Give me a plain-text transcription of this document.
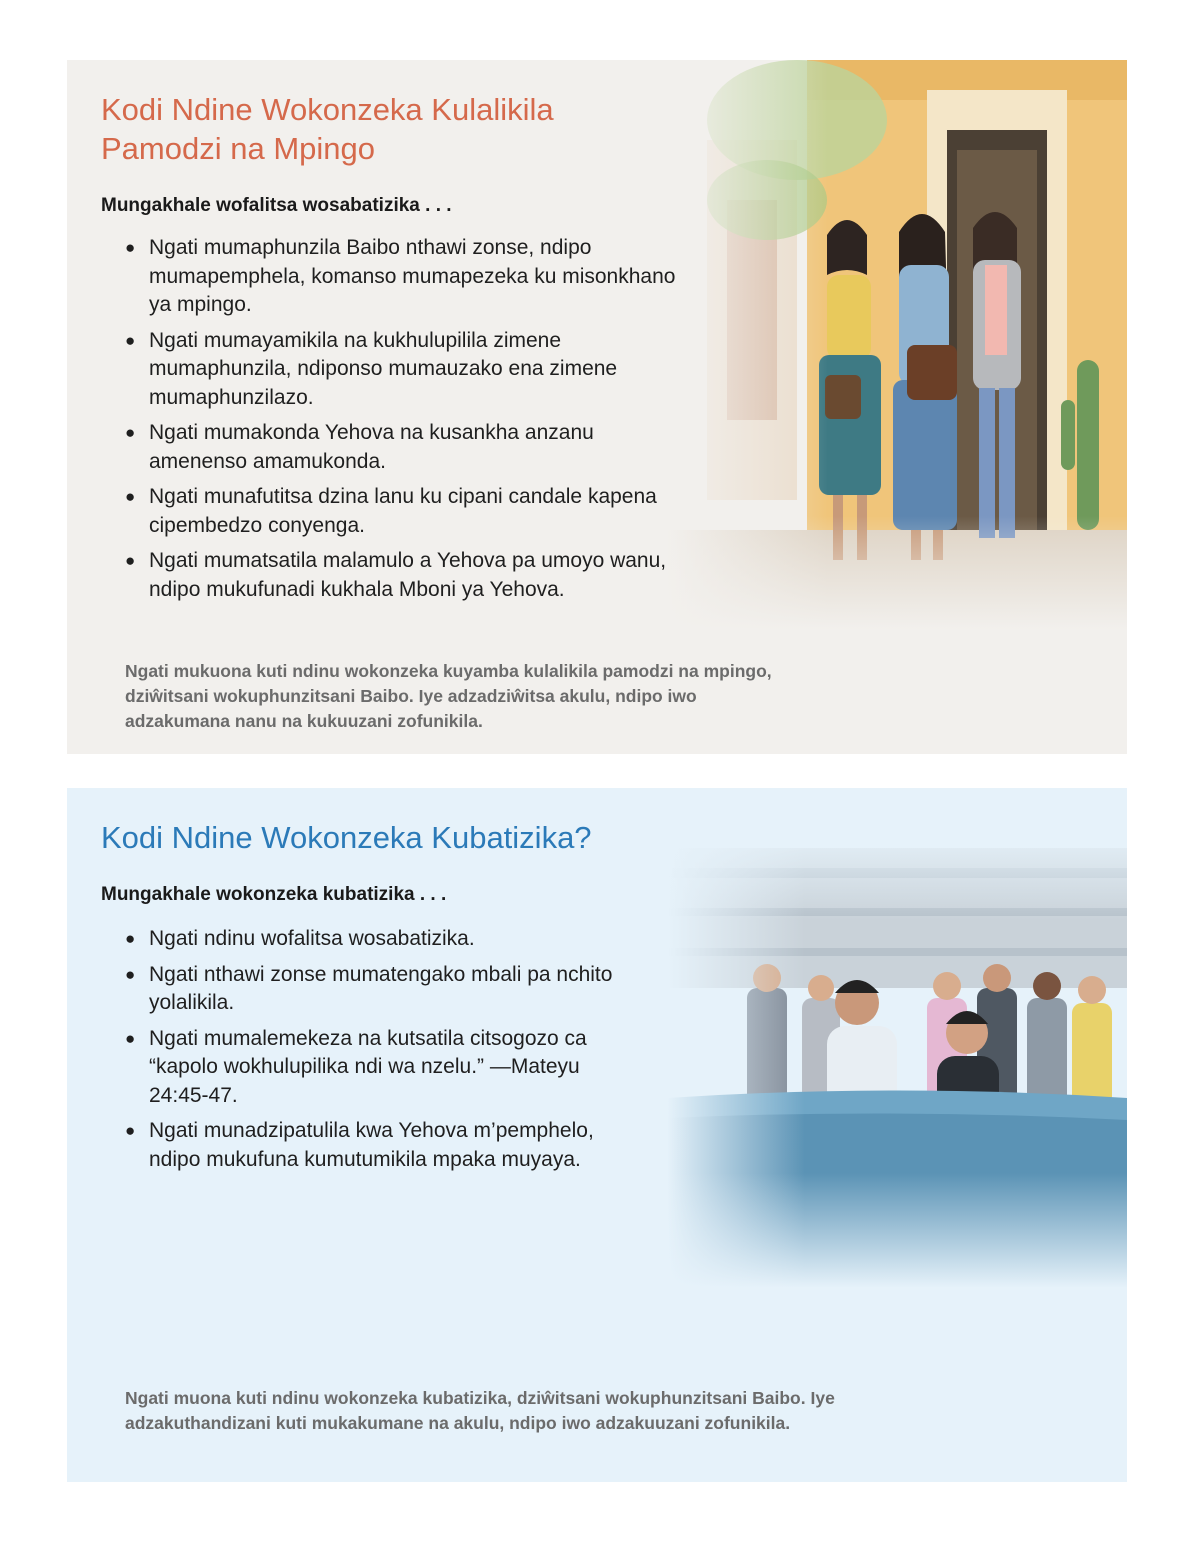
Kodi Ndine Wokonzeka Kulalikila Pamodzi na Mpingo

Mungakhale wofalitsa wosabatizika . . .

● Ngati mumaphunzila Baibo nthawi zonse, ndipo mumapemphela, komanso mumapezeka ku misonkhano ya mpingo.
● Ngati mumayamikila na kukhulupilila zimene mumaphunzila, ndiponso mumauzako ena zimene mumaphunzilazo.
● Ngati mumakonda Yehova na kusankha anzanu amenenso amamukonda.
● Ngati munafutitsa dzina lanu ku cipani candale kapena cipembedzo conyenga.
● Ngati mumatsatila malamulo a Yehova pa umoyo wanu, ndipo mukufunadi kukhala Mboni ya Yehova.

Ngati mukuona kuti ndinu wokonzeka kuyamba kulalikila pamodzi na mpingo, dziŵitsani wokuphunzitsani Baibo. Iye adzadziŵitsa akulu, ndipo iwo adzakumana nanu na kukuuzani zofunikila.

Kodi Ndine Wokonzeka Kubatizika?

Mungakhale wokonzeka kubatizika . . .

● Ngati ndinu wofalitsa wosabatizika.
● Ngati nthawi zonse mumatengako mbali pa nchito yolalikila.
● Ngati mumalemekeza na kutsatila citsogozo ca “kapolo wokhulupilika ndi wa nzelu.” —Mateyu 24:45-47.
● Ngati munadzipatulila kwa Yehova m’pemphelo, ndipo mukufuna kumutumikila mpaka muyaya.

Ngati muona kuti ndinu wokonzeka kubatizika, dziŵitsani wokuphunzitsani Baibo. Iye adzakuthandizani kuti mukakumane na akulu, ndipo iwo adzakuuzani zofunikila.
